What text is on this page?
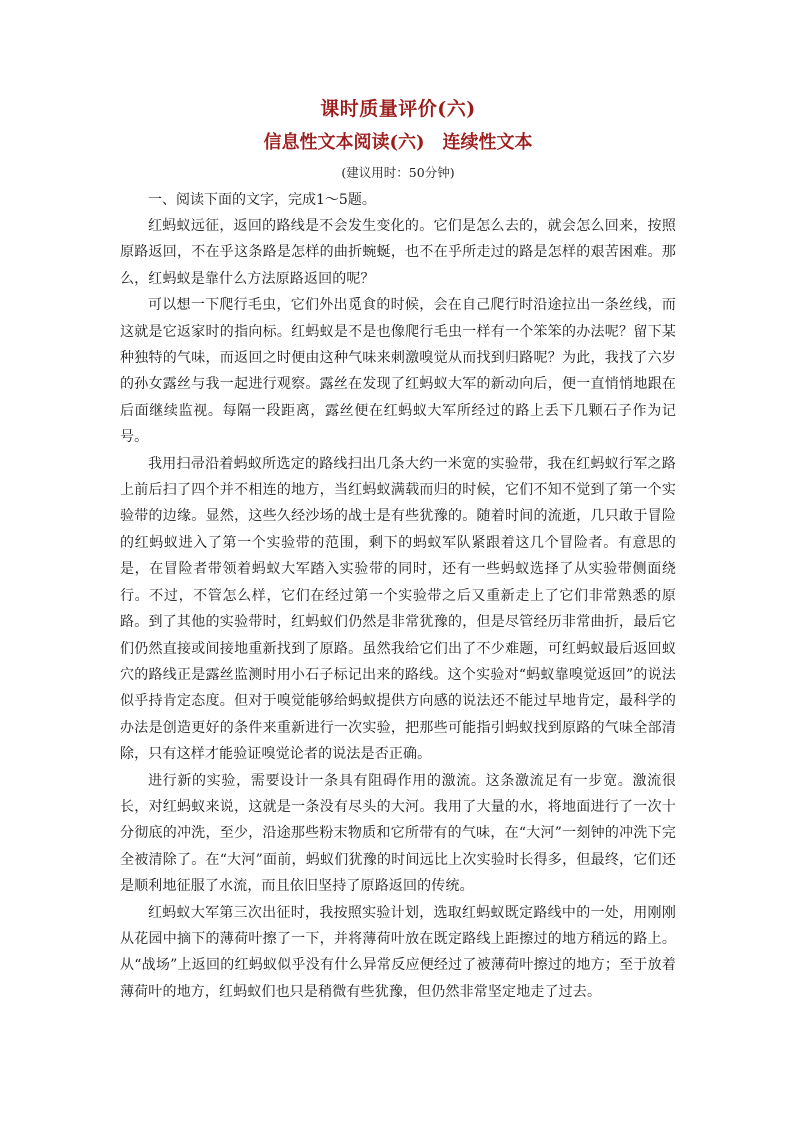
课时质量评价(六)
信息性文本阅读(六)　连续性文本

(建议用时：50分钟)

一、阅读下面的文字，完成1～5题。

红蚂蚁远征，返回的路线是不会发生变化的。它们是怎么去的，就会怎么回来，按照原路返回，不在乎这条路是怎样的曲折蜿蜒，也不在乎所走过的路是怎样的艰苦困难。那么，红蚂蚁是靠什么方法原路返回的呢？

可以想一下爬行毛虫，它们外出觅食的时候，会在自己爬行时沿途拉出一条丝线，而这就是它返家时的指向标。红蚂蚁是不是也像爬行毛虫一样有一个笨笨的办法呢？留下某种独特的气味，而返回之时便由这种气味来刺激嗅觉从而找到归路呢？为此，我找了六岁的孙女露丝与我一起进行观察。露丝在发现了红蚂蚁大军的新动向后，便一直悄悄地跟在后面继续监视。每隔一段距离，露丝便在红蚂蚁大军所经过的路上丢下几颗石子作为记号。

我用扫帚沿着蚂蚁所选定的路线扫出几条大约一米宽的实验带，我在红蚂蚁行军之路上前后扫了四个并不相连的地方，当红蚂蚁满载而归的时候，它们不知不觉到了第一个实验带的边缘。显然，这些久经沙场的战士是有些犹豫的。随着时间的流逝，几只敢于冒险的红蚂蚁进入了第一个实验带的范围，剩下的蚂蚁军队紧跟着这几个冒险者。有意思的是，在冒险者带领着蚂蚁大军踏入实验带的同时，还有一些蚂蚁选择了从实验带侧面绕行。不过，不管怎么样，它们在经过第一个实验带之后又重新走上了它们非常熟悉的原路。到了其他的实验带时，红蚂蚁们仍然是非常犹豫的，但是尽管经历非常曲折，最后它们仍然直接或间接地重新找到了原路。虽然我给它们出了不少难题，可红蚂蚁最后返回蚁穴的路线正是露丝监测时用小石子标记出来的路线。这个实验对“蚂蚁靠嗅觉返回”的说法似乎持肯定态度。但对于嗅觉能够给蚂蚁提供方向感的说法还不能过早地肯定，最科学的办法是创造更好的条件来重新进行一次实验，把那些可能指引蚂蚁找到原路的气味全部清除，只有这样才能验证嗅觉论者的说法是否正确。

进行新的实验，需要设计一条具有阻碍作用的激流。这条激流足有一步宽。激流很长，对红蚂蚁来说，这就是一条没有尽头的大河。我用了大量的水，将地面进行了一次十分彻底的冲洗，至少，沿途那些粉末物质和它所带有的气味，在“大河”一刻钟的冲洗下完全被清除了。在“大河”面前，蚂蚁们犹豫的时间远比上次实验时长得多，但最终，它们还是顺利地征服了水流，而且依旧坚持了原路返回的传统。

红蚂蚁大军第三次出征时，我按照实验计划，选取红蚂蚁既定路线中的一处，用刚刚从花园中摘下的薄荷叶擦了一下，并将薄荷叶放在既定路线上距擦过的地方稍远的路上。从“战场”上返回的红蚂蚁似乎没有什么异常反应便经过了被薄荷叶擦过的地方；至于放着薄荷叶的地方，红蚂蚁们也只是稍微有些犹豫，但仍然非常坚定地走了过去。
